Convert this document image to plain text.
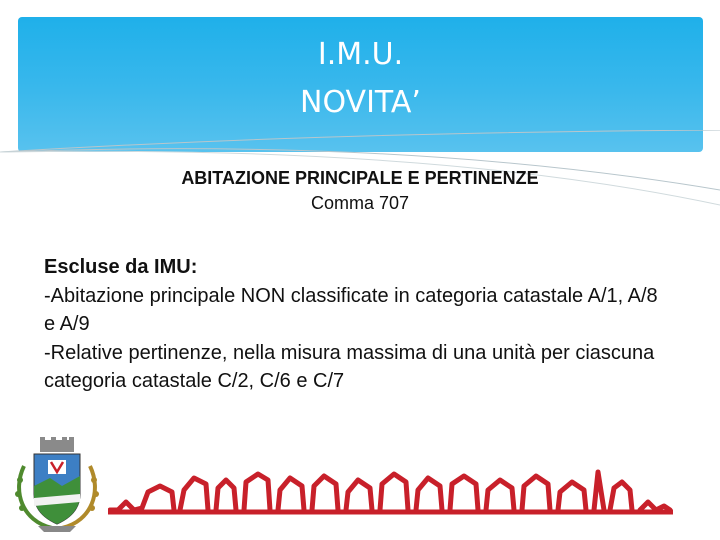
I.M.U.
NOVITA’
ABITAZIONE PRINCIPALE E PERTINENZE
Comma 707
Escluse da IMU:
-Abitazione principale NON classificate in categoria catastale A/1, A/8 e A/9
-Relative pertinenze, nella misura massima di una unità per ciascuna categoria catastale C/2, C/6 e C/7
